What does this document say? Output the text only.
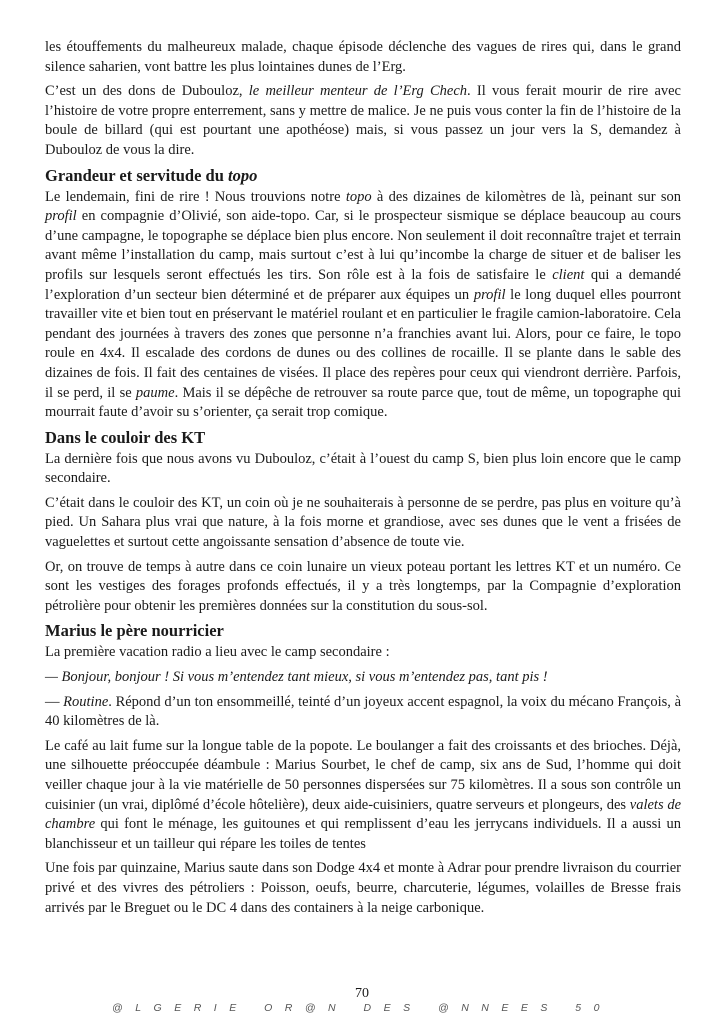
les étouffements du malheureux malade, chaque épisode déclenche des vagues de rires qui, dans le grand silence saharien, vont battre les plus lointaines dunes de l’Erg.

C’est un des dons de Dubouloz, le meilleur menteur de l’Erg Chech. Il vous ferait mourir de rire avec l’histoire de votre propre enterrement, sans y mettre de malice. Je ne puis vous conter la fin de l’histoire de la boule de billard (qui est pourtant une apothéose) mais, si vous passez un jour vers la S, demandez à Dubouloz de vous la dire.

Grandeur et servitude du topo

Le lendemain, fini de rire ! Nous trouvions notre topo à des dizaines de kilomètres de là, peinant sur son profil en compagnie d’Olivié, son aide-topo. Car, si le prospecteur sismique se déplace beaucoup au cours d’une campagne, le topographe se déplace bien plus encore. Non seulement il doit reconnaître trajet et terrain avant même l’installation du camp, mais surtout c’est à lui qu’incombe la charge de situer et de baliser les profils sur lesquels seront effectués les tirs. Son rôle est à la fois de satisfaire le client qui a demandé l’exploration d’un secteur bien déterminé et de préparer aux équipes un profil le long duquel elles pourront travailler vite et bien tout en préservant le matériel roulant et en particulier le fragile camion-laboratoire. Cela pendant des journées à travers des zones que personne n’a franchies avant lui. Alors, pour ce faire, le topo roule en 4x4. Il escalade des cordons de dunes ou des collines de rocaille. Il se plante dans le sable des dizaines de fois. Il fait des centaines de visées. Il place des repères pour ceux qui viendront derrière. Parfois, il se perd, il se paume. Mais il se dépêche de retrouver sa route parce que, tout de même, un topographe qui mourrait faute d’avoir su s’orienter, ça serait trop comique.

Dans le couloir des KT

La dernière fois que nous avons vu Dubouloz, c’était à l’ouest du camp S, bien plus loin encore que le camp secondaire.

C’était dans le couloir des KT, un coin où je ne souhaiterais à personne de se perdre, pas plus en voiture qu’à pied. Un Sahara plus vrai que nature, à la fois morne et grandiose, avec ses dunes que le vent a frisées de vaguelettes et surtout cette angoissante sensation d’absence de toute vie.

Or, on trouve de temps à autre dans ce coin lunaire un vieux poteau portant les lettres KT et un numéro. Ce sont les vestiges des forages profonds effectués, il y a très longtemps, par la Compagnie d’exploration pétrolière pour obtenir les premières données sur la constitution du sous-sol.

Marius le père nourricier

La première vacation radio a lieu avec le camp secondaire :

— Bonjour, bonjour ! Si vous m’entendez tant mieux, si vous m’entendez pas, tant pis !

— Routine. Répond d’un ton ensommeillé, teinté d’un joyeux accent espagnol, la voix du mécano François, à 40 kilomètres de là.

Le café au lait fume sur la longue table de la popote. Le boulanger a fait des croissants et des brioches. Déjà, une silhouette préoccupée déambule : Marius Sourbet, le chef de camp, six ans de Sud, l’homme qui doit veiller chaque jour à la vie matérielle de 50 personnes dispersées sur 75 kilomètres. Il a sous son contrôle un cuisinier (un vrai, diplômé d’école hôtelière), deux aide-cuisiniers, quatre serveurs et plongeurs, des valets de chambre qui font le ménage, les guitounes et qui remplissent d’eau les jerrycans individuels. Il a aussi un blanchisseur et un tailleur qui répare les toiles de tentes

Une fois par quinzaine, Marius saute dans son Dodge 4x4 et monte à Adrar pour prendre livraison du courrier privé et des vivres des pétroliers : Poisson, oeufs, beurre, charcuterie, légumes, volailles de Bresse frais arrivés par le Breguet ou le DC 4 dans des containers à la neige carbonique.

70
@LGERIE OR@N DES @NNEES 50
